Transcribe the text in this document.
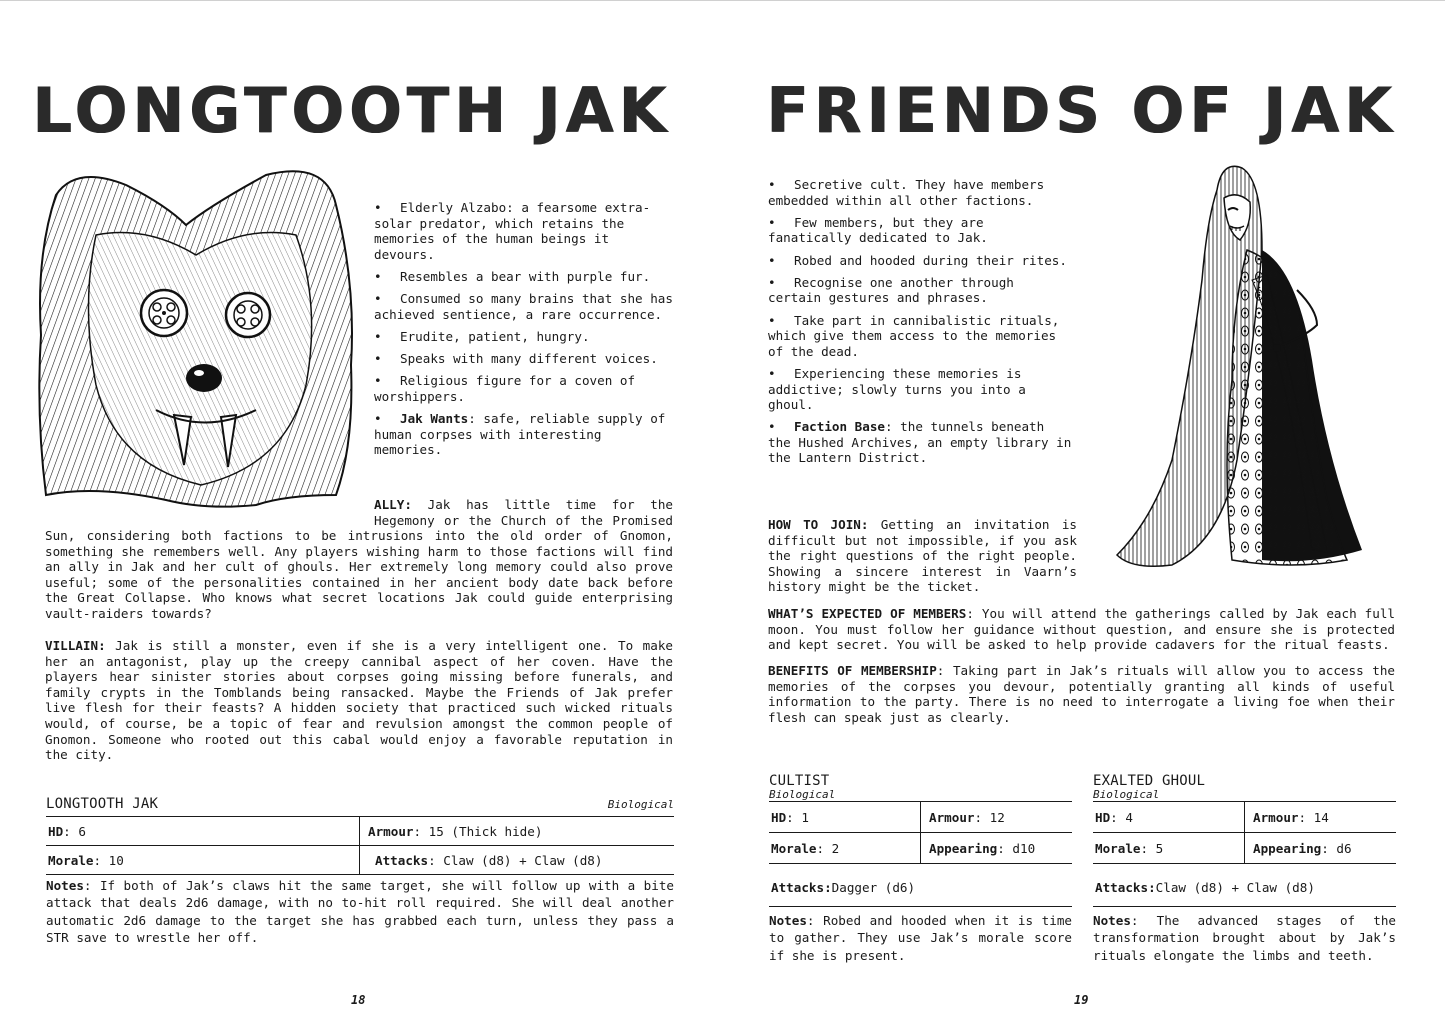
LONGTOOTH JAK
• Elderly Alzabo: a fearsome extra-solar predator, which retains the memories of the human beings it devours.
• Resembles a bear with purple fur.
• Consumed so many brains that she has achieved sentience, a rare occurrence.
• Erudite, patient, hungry.
• Speaks with many different voices.
• Religious figure for a coven of worshippers.
• Jak Wants: safe, reliable supply of human corpses with interesting memories.
ALLY: Jak has little time for the Hegemony or the Church of the Promised
Sun, considering both factions to be intrusions into the old order of Gnomon, something she remembers well. Any players wishing harm to those factions will find an ally in Jak and her cult of ghouls. Her extremely long memory could also prove useful; some of the personalities contained in her ancient body date back before the Great Collapse. Who knows what secret locations Jak could guide enterprising vault-raiders towards?
VILLAIN: Jak is still a monster, even if she is a very intelligent one. To make her an antagonist, play up the creepy cannibal aspect of her coven. Have the players hear sinister stories about corpses going missing before funerals, and family crypts in the Tomblands being ransacked. Maybe the Friends of Jak prefer live flesh for their feasts? A hidden society that practiced such wicked rituals would, of course, be a topic of fear and revulsion amongst the common people of Gnomon. Someone who rooted out this cabal would enjoy a favorable reputation in the city.
LONGTOOTH JAK	Biological
HD : 6	Armour : 15 (Thick hide)
Morale : 10	Attacks : Claw (d8) + Claw (d8)
Notes: If both of Jak’s claws hit the same target, she will follow up with a bite attack that deals 2d6 damage, with no to-hit roll required. She will deal another automatic 2d6 damage to the target she has grabbed each turn, unless they pass a STR save to wrestle her off.
18
FRIENDS OF JAK
• Secretive cult. They have members embedded within all other factions.
• Few members, but they are fanatically dedicated to Jak.
• Robed and hooded during their rites.
• Recognise one another through certain gestures and phrases.
• Take part in cannibalistic rituals, which give them access to the memories of the dead.
• Experiencing these memories is addictive; slowly turns you into a ghoul.
• Faction Base: the tunnels beneath the Hushed Archives, an empty library in the Lantern District.
HOW TO JOIN: Getting an invitation is difficult but not impossible, if you ask the right questions of the right people. Showing a sincere interest in Vaarn’s history might be the ticket.
WHAT’S EXPECTED OF MEMBERS: You will attend the gatherings called by Jak each full moon. You must follow her guidance without question, and ensure she is protected and kept secret. You will be asked to help provide cadavers for the ritual feasts.
BENEFITS OF MEMBERSHIP: Taking part in Jak’s rituals will allow you to access the memories of the corpses you devour, potentially granting all kinds of useful information to the party. There is no need to interrogate a living foe when their flesh can speak just as clearly.
CULTIST
Biological
HD : 1	Armour : 12
Morale : 2	Appearing : d10
Attacks: Dagger (d6)
Notes: Robed and hooded when it is time to gather. They use Jak’s morale score if she is present.
EXALTED GHOUL
Biological
HD : 4	Armour : 14
Morale : 5	Appearing : d6
Attacks: Claw (d8) + Claw (d8)
Notes: The advanced stages of the transformation brought about by Jak’s rituals elongate the limbs and teeth.
19
